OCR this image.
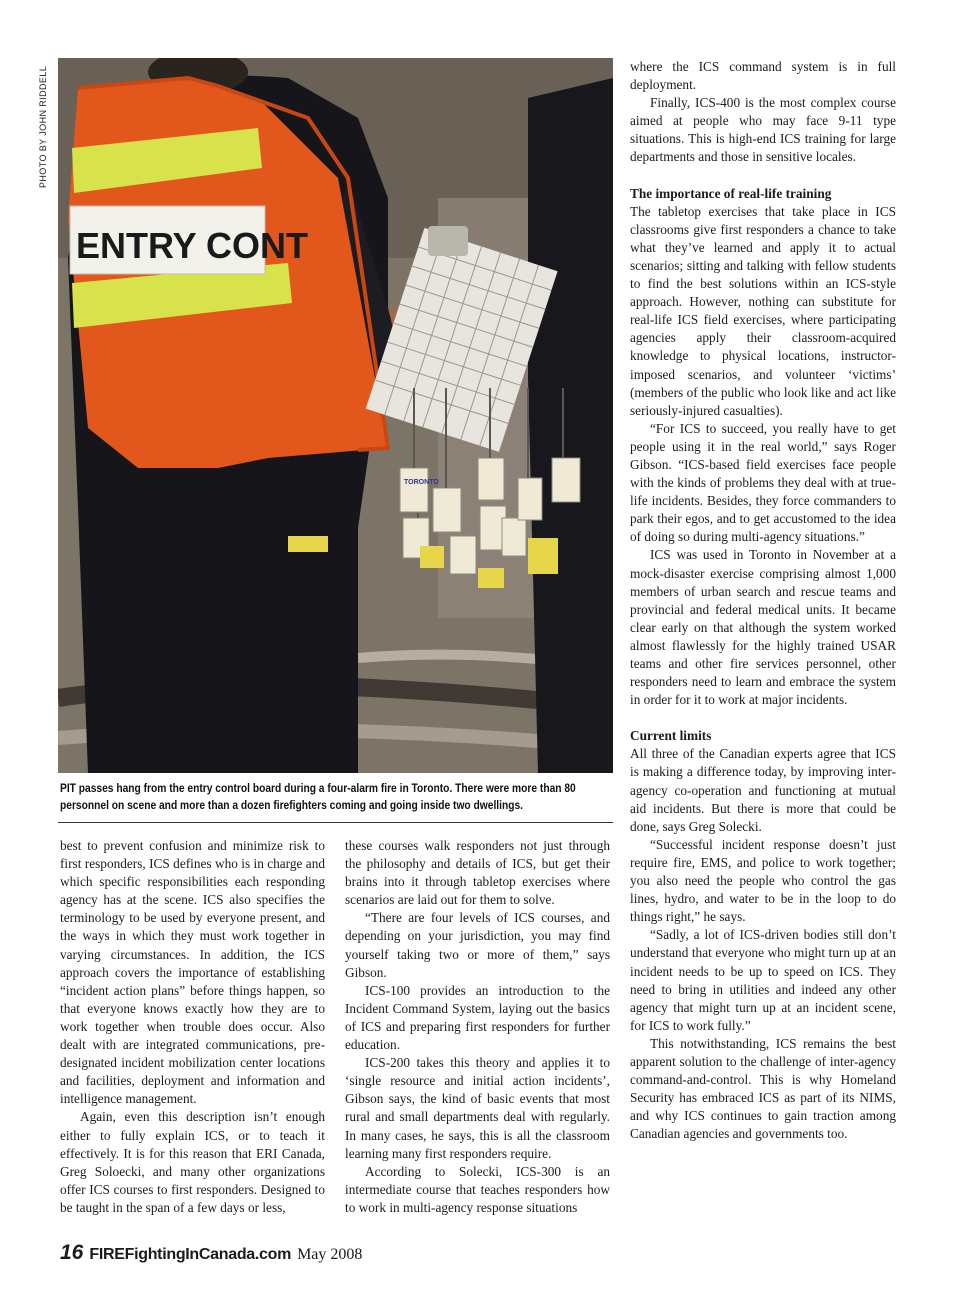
PHOTO BY JOHN RIDDELL
ENTRY CONT
TORONTO
PIT passes hang from the entry control board during a four-alarm fire in Toronto. There were more than 80 personnel on scene and more than a dozen firefighters coming and going inside two dwellings.

best to prevent confusion and minimize risk to first responders, ICS defines who is in charge and which specific responsibilities each responding agency has at the scene. ICS also specifies the terminology to be used by everyone present, and the ways in which they must work together in varying circumstances. In addition, the ICS approach covers the importance of establishing “incident action plans” before things happen, so that everyone knows exactly how they are to work together when trouble does occur. Also dealt with are integrated communications, pre-designated incident mobilization center locations and facilities, deployment and information and intelligence management.

Again, even this description isn’t enough either to fully explain ICS, or to teach it effectively. It is for this reason that ERI Canada, Greg Soloecki, and many other organizations offer ICS courses to first responders. Designed to be taught in the span of a few days or less,

these courses walk responders not just through the philosophy and details of ICS, but get their brains into it through tabletop exercises where scenarios are laid out for them to solve.

“There are four levels of ICS courses, and depending on your jurisdiction, you may find yourself taking two or more of them,” says Gibson.

ICS-100 provides an introduction to the Incident Command System, laying out the basics of ICS and preparing first responders for further education.

ICS-200 takes this theory and applies it to ‘single resource and initial action incidents’, Gibson says, the kind of basic events that most rural and small departments deal with regularly. In many cases, he says, this is all the classroom learning many first responders require.

According to Solecki, ICS-300 is an intermediate course that teaches responders how to work in multi-agency response situations

where the ICS command system is in full deployment.

Finally, ICS-400 is the most complex course aimed at people who may face 9-11 type situations. This is high-end ICS training for large departments and those in sensitive locales.

The importance of real-life training

The tabletop exercises that take place in ICS classrooms give first responders a chance to take what they’ve learned and apply it to actual scenarios; sitting and talking with fellow students to find the best solutions within an ICS-style approach. However, nothing can substitute for real-life ICS field exercises, where participating agencies apply their classroom-acquired knowledge to physical locations, instructor-imposed scenarios, and volunteer ‘victims’ (members of the public who look like and act like seriously-injured casualties).

“For ICS to succeed, you really have to get people using it in the real world,” says Roger Gibson. “ICS-based field exercises face people with the kinds of problems they deal with at true-life incidents. Besides, they force commanders to park their egos, and to get accustomed to the idea of doing so during multi-agency situations.”

ICS was used in Toronto in November at a mock-disaster exercise comprising almost 1,000 members of urban search and rescue teams and provincial and federal medical units. It became clear early on that although the system worked almost flawlessly for the highly trained USAR teams and other fire services personnel, other responders need to learn and embrace the system in order for it to work at major incidents.

Current limits

All three of the Canadian experts agree that ICS is making a difference today, by improving inter-agency co-operation and functioning at mutual aid incidents. But there is more that could be done, says Greg Solecki.

“Successful incident response doesn’t just require fire, EMS, and police to work together; you also need the people who control the gas lines, hydro, and water to be in the loop to do things right,” he says.

“Sadly, a lot of ICS-driven bodies still don’t understand that everyone who might turn up at an incident needs to be up to speed on ICS. They need to bring in utilities and indeed any other agency that might turn up at an incident scene, for ICS to work fully.”

This notwithstanding, ICS remains the best apparent solution to the challenge of inter-agency command-and-control. This is why Homeland Security has embraced ICS as part of its NIMS, and why ICS continues to gain traction among Canadian agencies and governments too.

16 FIREFightingInCanada.com May 2008
